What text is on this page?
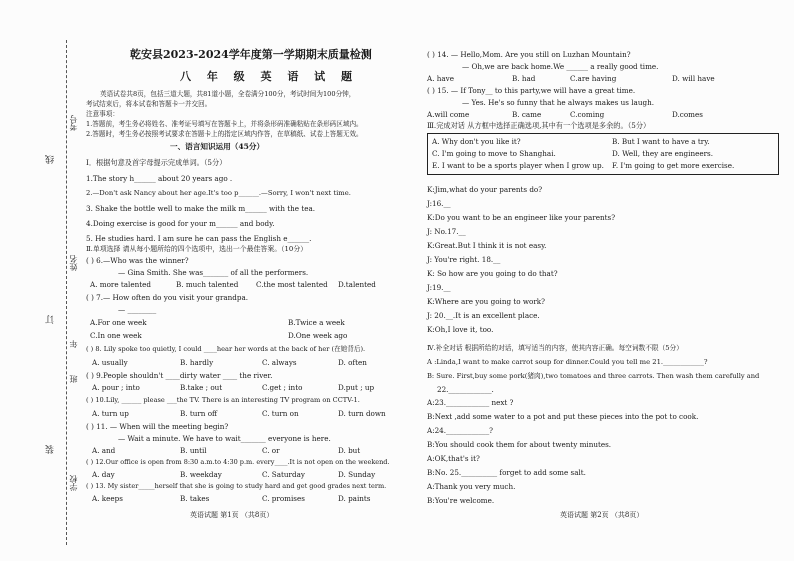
考号
姓名
年
班
学校
线
订
装
乾安县2023-2024学年度第一学期期末质量检测
八 年 级 英 语 试 题
英语试卷共8页，包括三道大题，共81道小题，全卷满分100分，考试时间为100分钟，
考试结束后，将本试卷和答题卡一并交回。
注意事项：
1.答题前，考生务必将姓名、准考证号填写在答题卡上，并将条形码准确粘贴在条形码区域内。
2.答题时，考生务必按照考试要求在答题卡上的指定区域内作答，在草稿纸、试卷上答题无效。
一、语言知识运用（45分）
Ⅰ．根据句意及首字母提示完成单词。（5分）
1.The story h______ about 20 years ago .
2.—Don't ask Nancy about her age.It's too p______.—Sorry, I won't next time.
3. Shake the bottle well to make the milk m______ with the tea.
4.Doing exercise is good for your m______ and body.
5. He studies hard. I am sure he can pass the English e______.
Ⅱ.单项选择 请从每小题所给的四个选项中，选出一个最佳答案。（10分）
( ) 6.—Who was the winner?
— Gina Smith. She was_______ of all the performers.
A. more talented	B. much talented C.the most talented D.talented
( ) 7.— How often do you visit your grandpa.
— ________
A.For one week	B.Twice a week
C.In one week	D.One week ago
( ) 8. Lily spoke too quietly, I could ____hear her words at the back of her (在她背后).
A. usually	B. hardly	C. always	D. often
( ) 9.People shouldn't ____dirty water ____ the river.
A. pour ; into	B.take ; out	C.get ; into	D.put ; up
( ) 10.Lily, ______ please ___the TV. There is an interesting TV program on CCTV-1.
A. turn up	B. turn off	C. turn on	D. turn down
( ) 11. — When will the meeting begin?
— Wait a minute. We have to wait_______ everyone is here.
A. and	B. until	C. or	D. but
( ) 12.Our office is open from 8:30 a.m.to 4:30 p.m. every____.It is not open on the weekend.
A. day	B. weekday	C. Saturday	D. Sunday
( ) 13. My sister_____herself that she is going to study hard and get good grades next term.
A. keeps	B. takes	C. promises	D. paints
英语试题 第1页 （共8页）
( ) 14. — Hello,Mom. Are you still on Luzhan Mountain?
— Oh,we are back home.We ______ a really good time.
A. have	B. had	C.are having	D. will have
( ) 15. — If Tony__ to this party,we will have a great time.
— Yes. He's so funny that he always makes us laugh.
A.will come	B. came	C.coming	D.comes
Ⅲ.完成对话 从方框中选择正确选项,其中有一个选项是多余的。（5分）
A. Why don't you like it?	B. But I want to have a try.
C. I'm going to move to Shanghai.	D. Well, they are engineers.
E. I want to be a sports player when I grow up. F. I'm going to get more exercise.
K:Jim,what do your parents do?
J:16.__
K:Do you want to be an engineer like your parents?
J: No.17.__
K:Great.But I think it is not easy.
J: You're right. 18.__
K: So how are you going to do that?
J:19.__
K:Where are you going to work?
J: 20.__.It is an excellent place.
K:Oh,I love it, too.
Ⅳ.补全对话 根据所给的对话，填写适当的内容，使其内容正确。每空词数不限（5分）
A :Linda,I want to make carrot soup for dinner.Could you tell me 21.____________?
B: Sure. First,buy some pork(猪肉),two tomatoes and three carrots. Then wash them carefully and
22.____________.
A:23.____________ next ?
B:Next ,add some water to a pot and put these pieces into the pot to cook.
A:24.____________?
B:You should cook them for about twenty minutes.
A:OK,that's it?
B:No. 25.__________ forget to add some salt.
A:Thank you very much.
B:You're welcome.
英语试题 第2页 （共8页）
